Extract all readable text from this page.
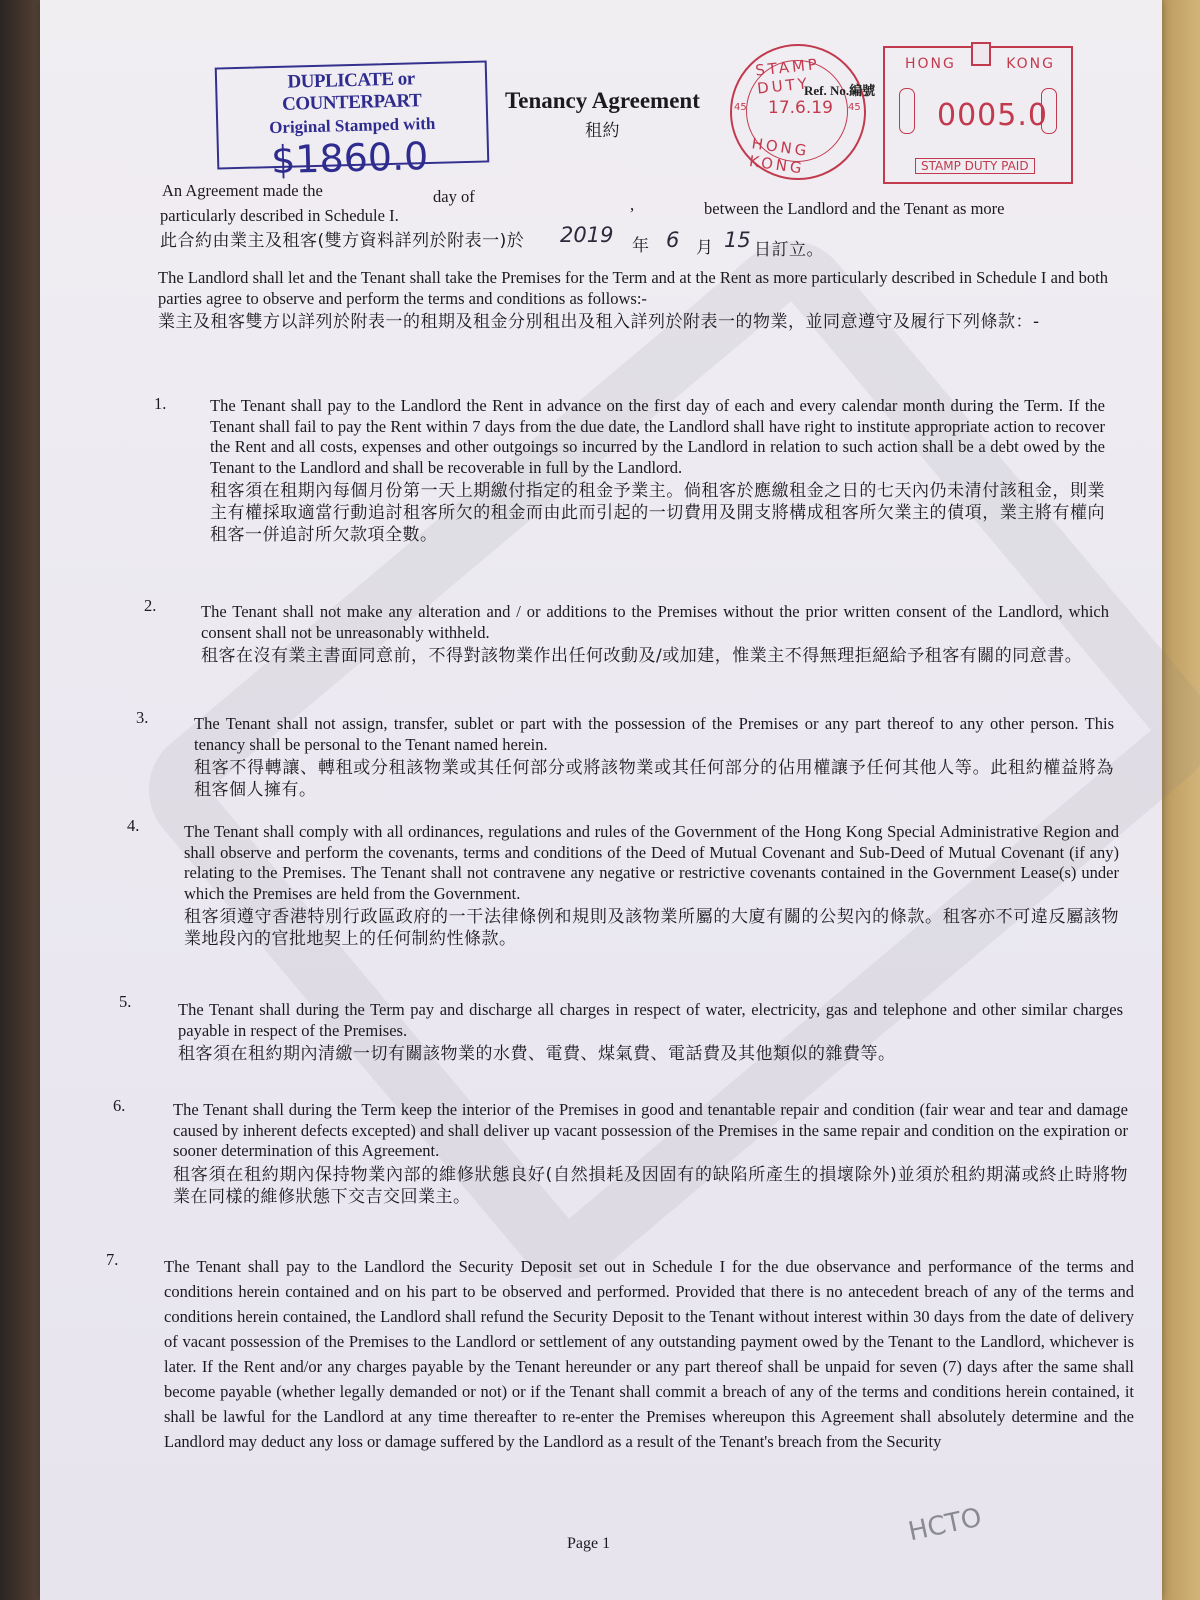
DUPLICATE or COUNTERPART
Original Stamped with
$1860.0
Tenancy Agreement
租約
STAMP DUTY
45 17.6.19 45
HONG KONG
Ref. No.編號
HONG	KONG
0005.0
STAMP DUTY PAID
An Agreement made the	day of	,	between the Landlord and the Tenant as more
particularly described in Schedule I.
此合約由業主及租客(雙方資料詳列於附表一)於 2019 年 6 月 15 日訂立。
The Landlord shall let and the Tenant shall take the Premises for the Term and at the Rent as more particularly described in Schedule I and both parties agree to observe and perform the terms and conditions as follows:-
業主及租客雙方以詳列於附表一的租期及租金分別租出及租入詳列於附表一的物業，並同意遵守及履行下列條款：-
1.	The Tenant shall pay to the Landlord the Rent in advance on the first day of each and every calendar month during the Term. If the Tenant shall fail to pay the Rent within 7 days from the due date, the Landlord shall have right to institute appropriate action to recover the Rent and all costs, expenses and other outgoings so incurred by the Landlord in relation to such action shall be a debt owed by the Tenant to the Landlord and shall be recoverable in full by the Landlord.
租客須在租期內每個月份第一天上期繳付指定的租金予業主。倘租客於應繳租金之日的七天內仍未清付該租金，則業主有權採取適當行動追討租客所欠的租金而由此而引起的一切費用及開支將構成租客所欠業主的債項，業主將有權向租客一併追討所欠款項全數。
2.	The Tenant shall not make any alteration and / or additions to the Premises without the prior written consent of the Landlord, which consent shall not be unreasonably withheld.
租客在沒有業主書面同意前，不得對該物業作出任何改動及/或加建，惟業主不得無理拒絕給予租客有關的同意書。
3.	The Tenant shall not assign, transfer, sublet or part with the possession of the Premises or any part thereof to any other person. This tenancy shall be personal to the Tenant named herein.
租客不得轉讓、轉租或分租該物業或其任何部分或將該物業或其任何部分的佔用權讓予任何其他人等。此租約權益將為租客個人擁有。
4.	The Tenant shall comply with all ordinances, regulations and rules of the Government of the Hong Kong Special Administrative Region and shall observe and perform the covenants, terms and conditions of the Deed of Mutual Covenant and Sub-Deed of Mutual Covenant (if any) relating to the Premises. The Tenant shall not contravene any negative or restrictive covenants contained in the Government Lease(s) under which the Premises are held from the Government.
租客須遵守香港特別行政區政府的一干法律條例和規則及該物業所屬的大廈有關的公契內的條款。租客亦不可違反屬該物業地段內的官批地契上的任何制約性條款。
5.	The Tenant shall during the Term pay and discharge all charges in respect of water, electricity, gas and telephone and other similar charges payable in respect of the Premises.
租客須在租約期內清繳一切有關該物業的水費、電費、煤氣費、電話費及其他類似的雜費等。
6.	The Tenant shall during the Term keep the interior of the Premises in good and tenantable repair and condition (fair wear and tear and damage caused by inherent defects excepted) and shall deliver up vacant possession of the Premises in the same repair and condition on the expiration or sooner determination of this Agreement.
租客須在租約期內保持物業內部的維修狀態良好(自然損耗及因固有的缺陷所產生的損壞除外)並須於租約期滿或終止時將物業在同樣的維修狀態下交吉交回業主。
7.	The Tenant shall pay to the Landlord the Security Deposit set out in Schedule I for the due observance and performance of the terms and conditions herein contained and on his part to be observed and performed. Provided that there is no antecedent breach of any of the terms and conditions herein contained, the Landlord shall refund the Security Deposit to the Tenant without interest within 30 days from the date of delivery of vacant possession of the Premises to the Landlord or settlement of any outstanding payment owed by the Tenant to the Landlord, whichever is later. If the Rent and/or any charges payable by the Tenant hereunder or any part thereof shall be unpaid for seven (7) days after the same shall become payable (whether legally demanded or not) or if the Tenant shall commit a breach of any of the terms and conditions herein contained, it shall be lawful for the Landlord at any time thereafter to re-enter the Premises whereupon this Agreement shall absolutely determine and the Landlord may deduct any loss or damage suffered by the Landlord as a result of the Tenant's breach from the Security
Page 1	HCTO
